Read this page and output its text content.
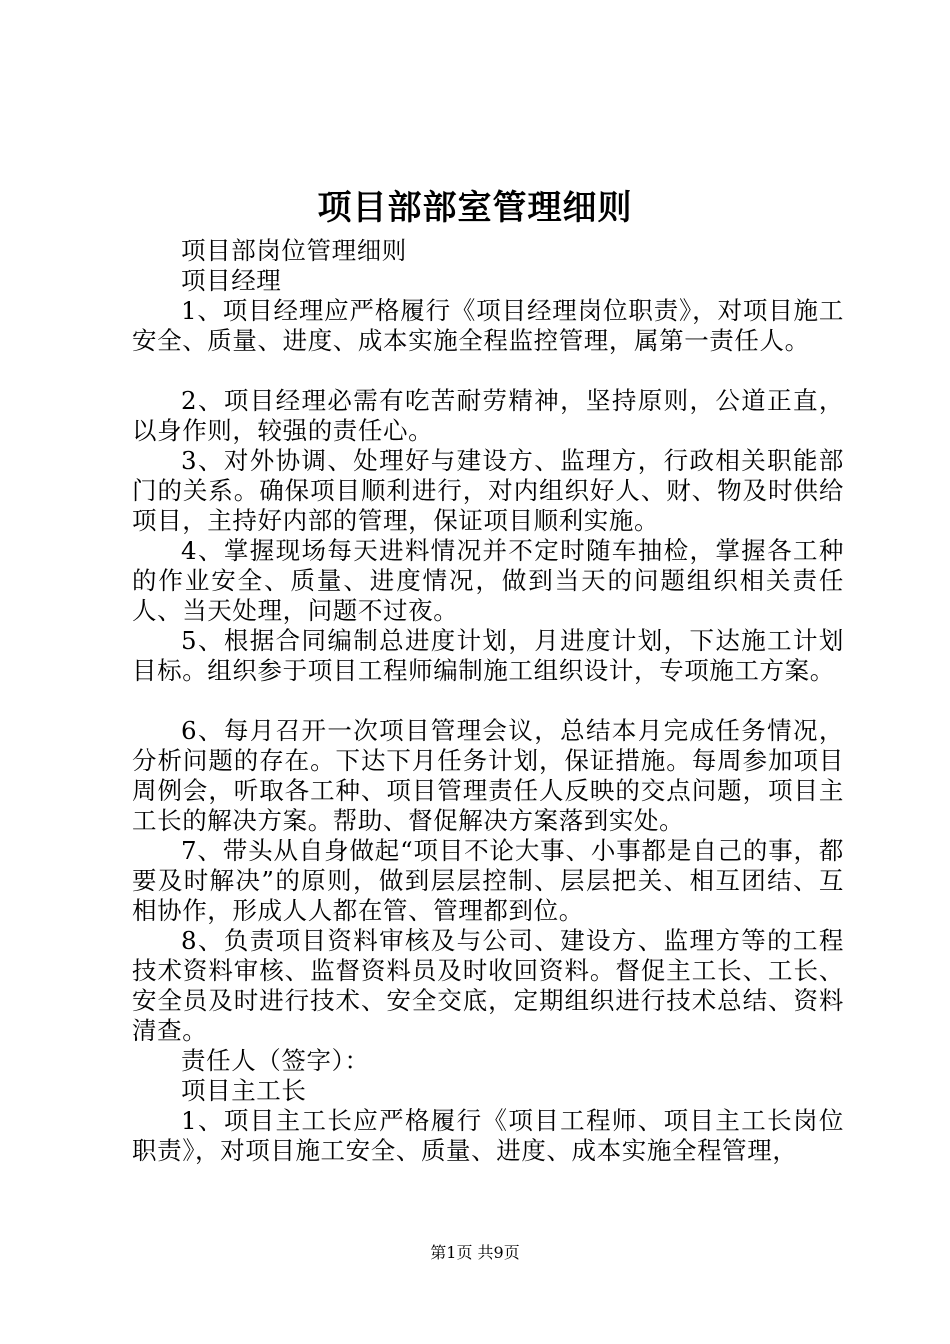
项目部部室管理细则

项目部岗位管理细则

项目经理

1、项目经理应严格履行《项目经理岗位职责》，对项目施工安全、质量、进度、成本实施全程监控管理，属第一责任人。

2、项目经理必需有吃苦耐劳精神，坚持原则，公道正直，以身作则，较强的责任心。

3、对外协调、处理好与建设方、监理方，行政相关职能部门的关系。确保项目顺利进行，对内组织好人、财、物及时供给项目，主持好内部的管理，保证项目顺利实施。

4、掌握现场每天进料情况并不定时随车抽检，掌握各工种的作业安全、质量、进度情况，做到当天的问题组织相关责任人、当天处理，问题不过夜。

5、根据合同编制总进度计划，月进度计划，下达施工计划目标。组织参于项目工程师编制施工组织设计，专项施工方案。

6、每月召开一次项目管理会议，总结本月完成任务情况，分析问题的存在。下达下月任务计划，保证措施。每周参加项目周例会，听取各工种、项目管理责任人反映的交点问题，项目主工长的解决方案。帮助、督促解决方案落到实处。

7、带头从自身做起“项目不论大事、小事都是自己的事，都要及时解决”的原则，做到层层控制、层层把关、相互团结、互相协作，形成人人都在管、管理都到位。

8、负责项目资料审核及与公司、建设方、监理方等的工程技术资料审核、监督资料员及时收回资料。督促主工长、工长、安全员及时进行技术、安全交底，定期组织进行技术总结、资料清查。

责任人（签字）：

项目主工长

1、项目主工长应严格履行《项目工程师、项目主工长岗位职责》，对项目施工安全、质量、进度、成本实施全程管理，

第1页 共9页
